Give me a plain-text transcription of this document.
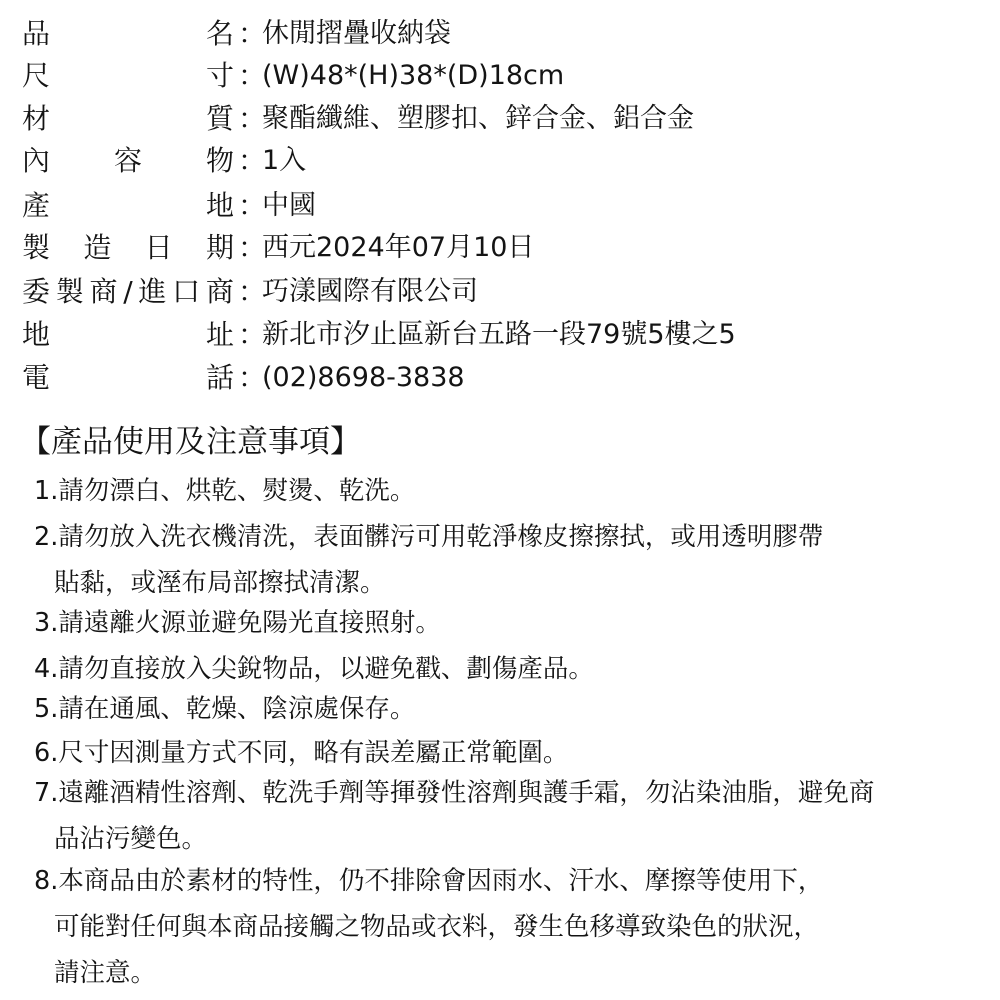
品	名 ：
休閒摺疊收納袋
尺	寸 ：
(W)48*(H)38*(D)18cm
材	質 ：
聚酯纖維、塑膠扣、鋅合金、鋁合金
內 容 物 ：
1入
產	地 ：
中國
製 造 日 期 ：
西元2024年07月10日
委 製 商 / 進 口 商 ：
巧漾國際有限公司
地	址 ：
新北市汐止區新台五路一段79號5樓之5
電	話 ：
(02)8698-3838
【產品使用及注意事項】
1.請勿漂白、烘乾、熨燙、乾洗。
2.請勿放入洗衣機清洗，表面髒污可用乾淨橡皮擦擦拭，或用透明膠帶
貼黏，或溼布局部擦拭清潔。
3.請遠離火源並避免陽光直接照射。
4.請勿直接放入尖銳物品，以避免戳、劃傷產品。
5.請在通風、乾燥、陰涼處保存。
6.尺寸因測量方式不同，略有誤差屬正常範圍。
7.遠離酒精性溶劑、乾洗手劑等揮發性溶劑與護手霜，勿沾染油脂，避免商
品沾污變色。
8.本商品由於素材的特性，仍不排除會因雨水、汗水、摩擦等使用下，
可能對任何與本商品接觸之物品或衣料，發生色移導致染色的狀況，
請注意。
